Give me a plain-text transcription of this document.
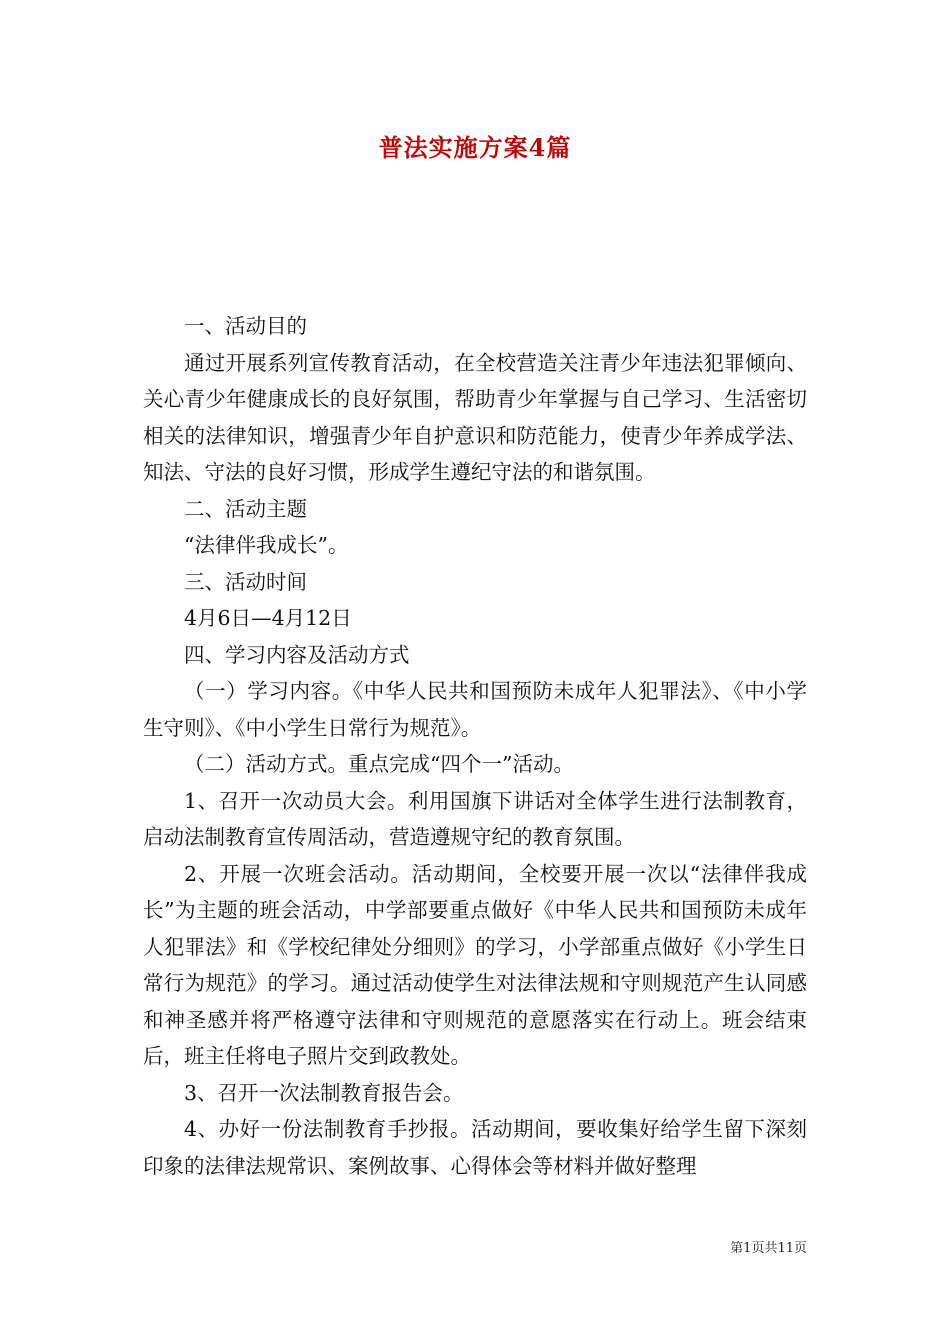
普法实施方案4篇

一、活动目的

通过开展系列宣传教育活动，在全校营造关注青少年违法犯罪倾向、关心青少年健康成长的良好氛围，帮助青少年掌握与自己学习、生活密切相关的法律知识，增强青少年自护意识和防范能力，使青少年养成学法、知法、守法的良好习惯，形成学生遵纪守法的和谐氛围。

二、活动主题

“法律伴我成长”。

三、活动时间

4月6日—4月12日

四、学习内容及活动方式

（一）学习内容。《中华人民共和国预防未成年人犯罪法》、《中小学生守则》、《中小学生日常行为规范》。

（二）活动方式。重点完成“四个一”活动。

1、召开一次动员大会。利用国旗下讲话对全体学生进行法制教育，启动法制教育宣传周活动，营造遵规守纪的教育氛围。

2、开展一次班会活动。活动期间，全校要开展一次以“法律伴我成长”为主题的班会活动，中学部要重点做好《中华人民共和国预防未成年人犯罪法》和《学校纪律处分细则》的学习，小学部重点做好《小学生日常行为规范》的学习。通过活动使学生对法律法规和守则规范产生认同感和神圣感并将严格遵守法律和守则规范的意愿落实在行动上。班会结束后，班主任将电子照片交到政教处。

3、召开一次法制教育报告会。

4、办好一份法制教育手抄报。活动期间，要收集好给学生留下深刻印象的法律法规常识、案例故事、心得体会等材料并做好整理

第1页共11页
